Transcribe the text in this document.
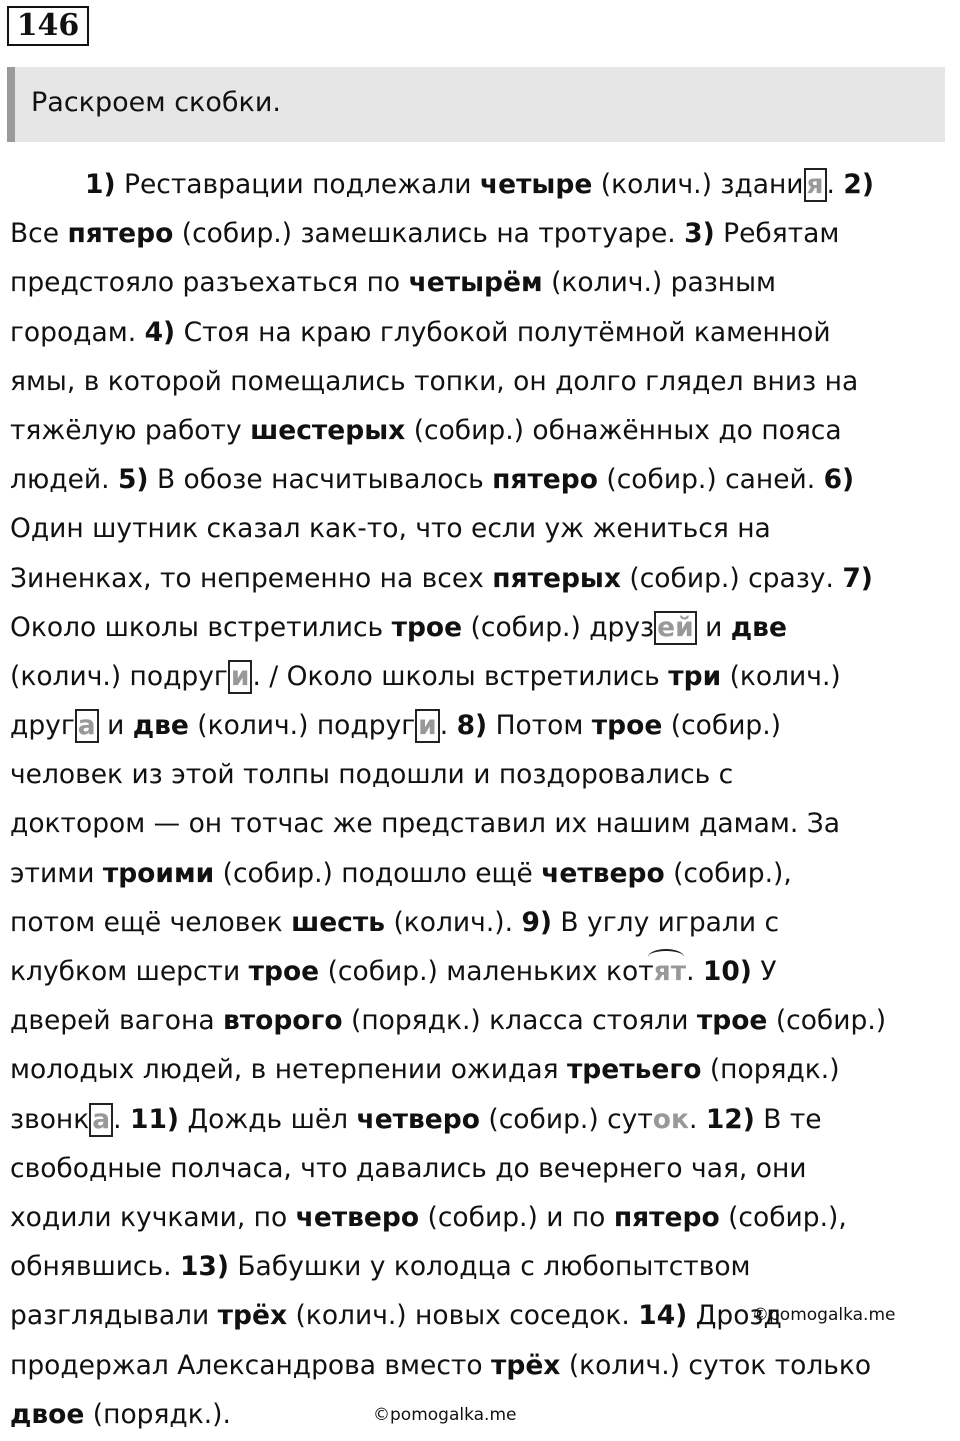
146
Раскроем скобки.
1) Реставрации подлежали четыре (колич.) здани я . 2)
Все пятеро (собир.) замешкались на тротуаре. 3) Ребятам
предстояло разъехаться по четырём (колич.) разным
городам. 4) Стоя на краю глубокой полутёмной каменной
ямы, в которой помещались топки, он долго глядел вниз на
тяжёлую работу шестерых (собир.) обнажённых до пояса
людей. 5) В обозе насчитывалось пятеро (собир.) саней. 6)
Один шутник сказал как-то, что если уж жениться на
Зиненках, то непременно на всех пятерых (собир.) сразу. 7)
Около школы встретились трое (собир.) друз ей и две
(колич.) подруг и . / Около школы встретились три (колич.)
друг а и две (колич.) подруг и . 8) Потом трое (собир.)
человек из этой толпы подошли и поздоровались с
доктором — он тотчас же представил их нашим дамам. За
этими троими (собир.) подошло ещё четверо (собир.),
потом ещё человек шесть (колич.). 9) В углу играли с
клубком шерсти трое (собир.) маленьких котят. 10) У
дверей вагона второго (порядк.) класса стояли трое (собир.)
молодых людей, в нетерпении ожидая третьего (порядк.)
звонк а . 11) Дождь шёл четверо (собир.) суток. 12) В те
свободные полчаса, что давались до вечернего чая, они
ходили кучками, по четверо (собир.) и по пятеро (собир.),
обнявшись. 13) Бабушки у колодца с любопытством
разглядывали трёх (колич.) новых соседок. 14) Дрозд
продержал Александрова вместо трёх (колич.) суток только
двое (порядк.).
©pomogalka.me
©pomogalka.me
